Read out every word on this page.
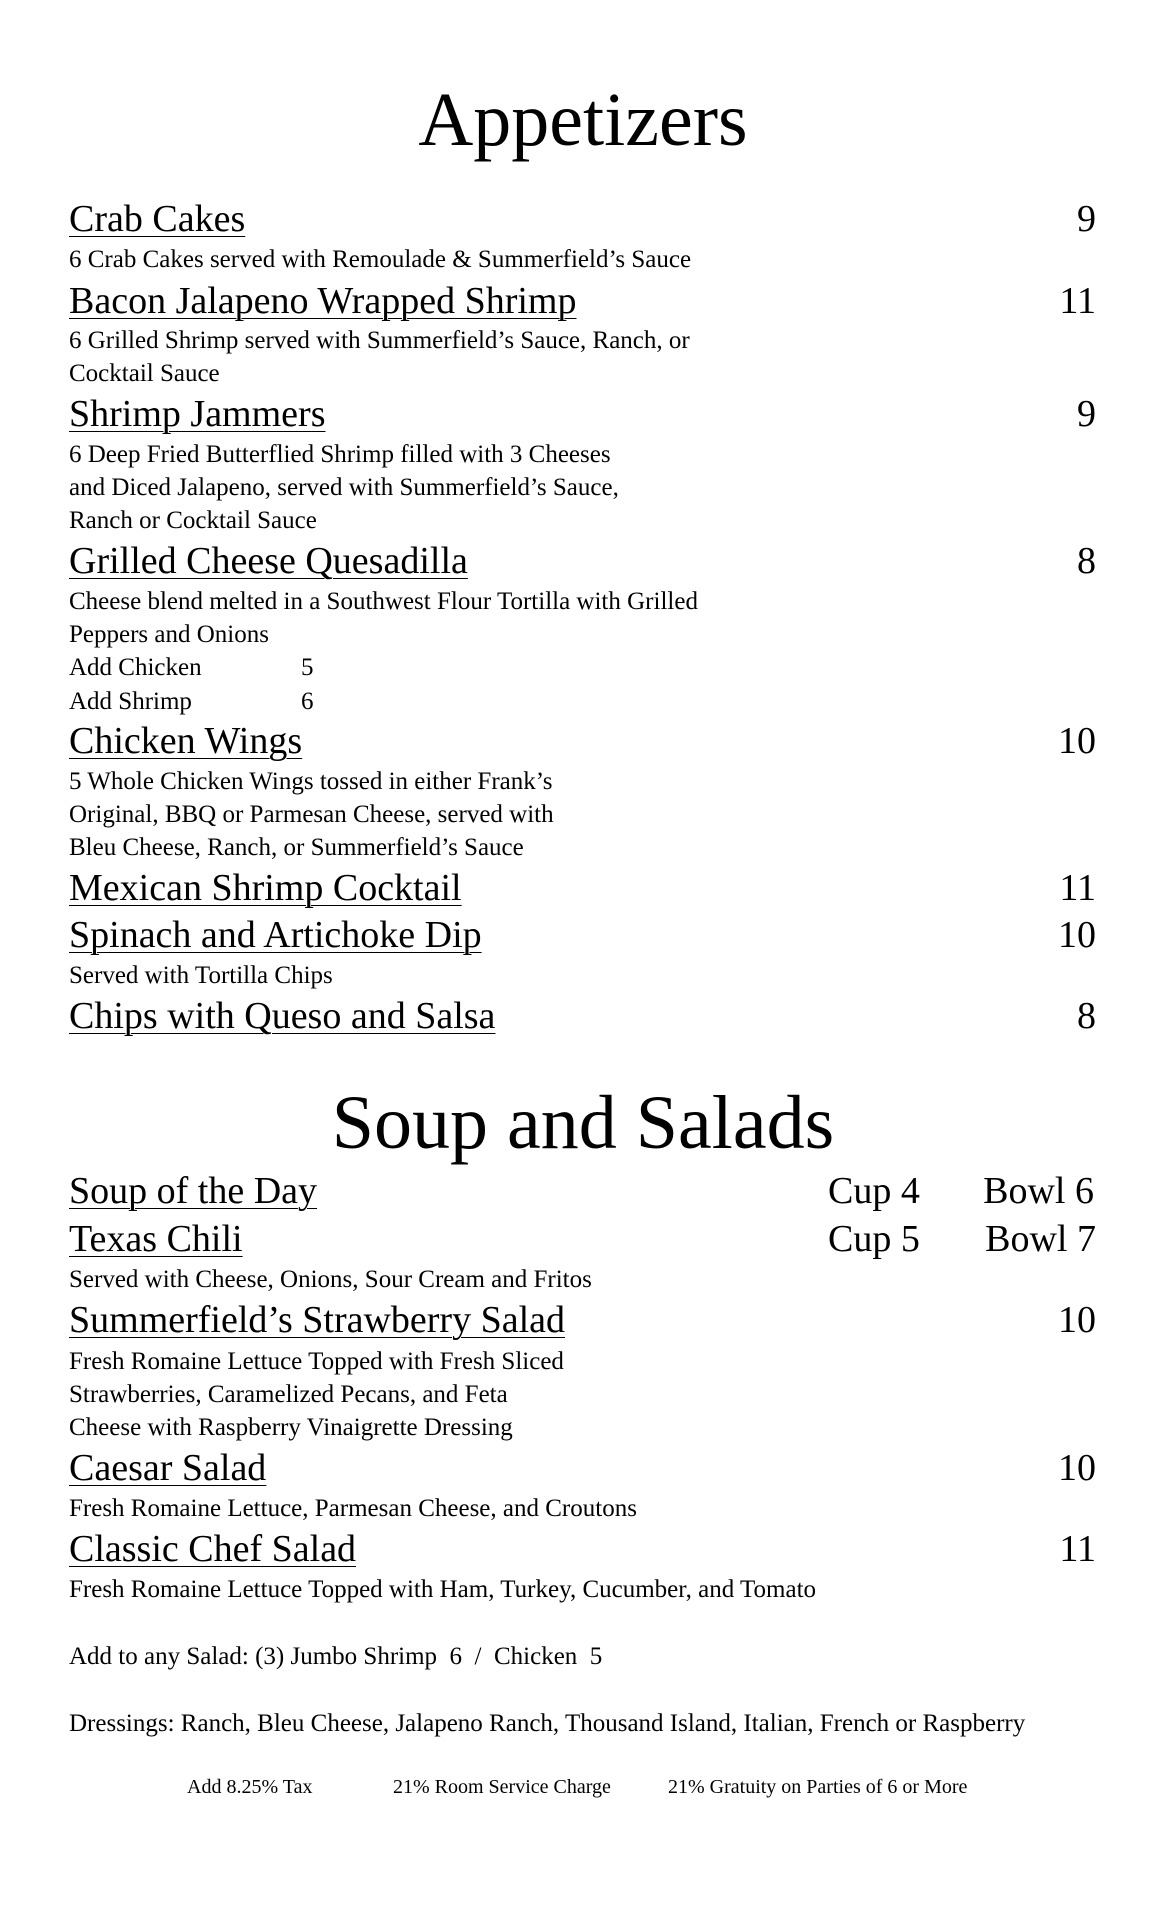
Appetizers
Crab Cakes	9
6 Crab Cakes served with Remoulade & Summerfield’s Sauce
Bacon Jalapeno Wrapped Shrimp	11
6 Grilled Shrimp served with Summerfield’s Sauce, Ranch, or
Cocktail Sauce
Shrimp Jammers	9
6 Deep Fried Butterflied Shrimp filled with 3 Cheeses
and Diced Jalapeno, served with Summerfield’s Sauce,
Ranch or Cocktail Sauce
Grilled Cheese Quesadilla	8
Cheese blend melted in a Southwest Flour Tortilla with Grilled
Peppers and Onions
Add Chicken	5
Add Shrimp	6
Chicken Wings	10
5 Whole Chicken Wings tossed in either Frank’s
Original, BBQ or Parmesan Cheese, served with
Bleu Cheese, Ranch, or Summerfield’s Sauce
Mexican Shrimp Cocktail	11
Spinach and Artichoke Dip	10
Served with Tortilla Chips
Chips with Queso and Salsa	8
Soup and Salads
Soup of the Day	Cup 4 Bowl 6
Texas Chili	Cup 5 Bowl 7
Served with Cheese, Onions, Sour Cream and Fritos
Summerfield’s Strawberry Salad	10
Fresh Romaine Lettuce Topped with Fresh Sliced
Strawberries, Caramelized Pecans, and Feta
Cheese with Raspberry Vinaigrette Dressing
Caesar Salad	10
Fresh Romaine Lettuce, Parmesan Cheese, and Croutons
Classic Chef Salad	11
Fresh Romaine Lettuce Topped with Ham, Turkey, Cucumber, and Tomato
Add to any Salad: (3) Jumbo Shrimp  6  /  Chicken  5
Dressings: Ranch, Bleu Cheese, Jalapeno Ranch, Thousand Island, Italian, French or Raspberry
Add 8.25% Tax	21% Room Service Charge	21% Gratuity on Parties of 6 or More
